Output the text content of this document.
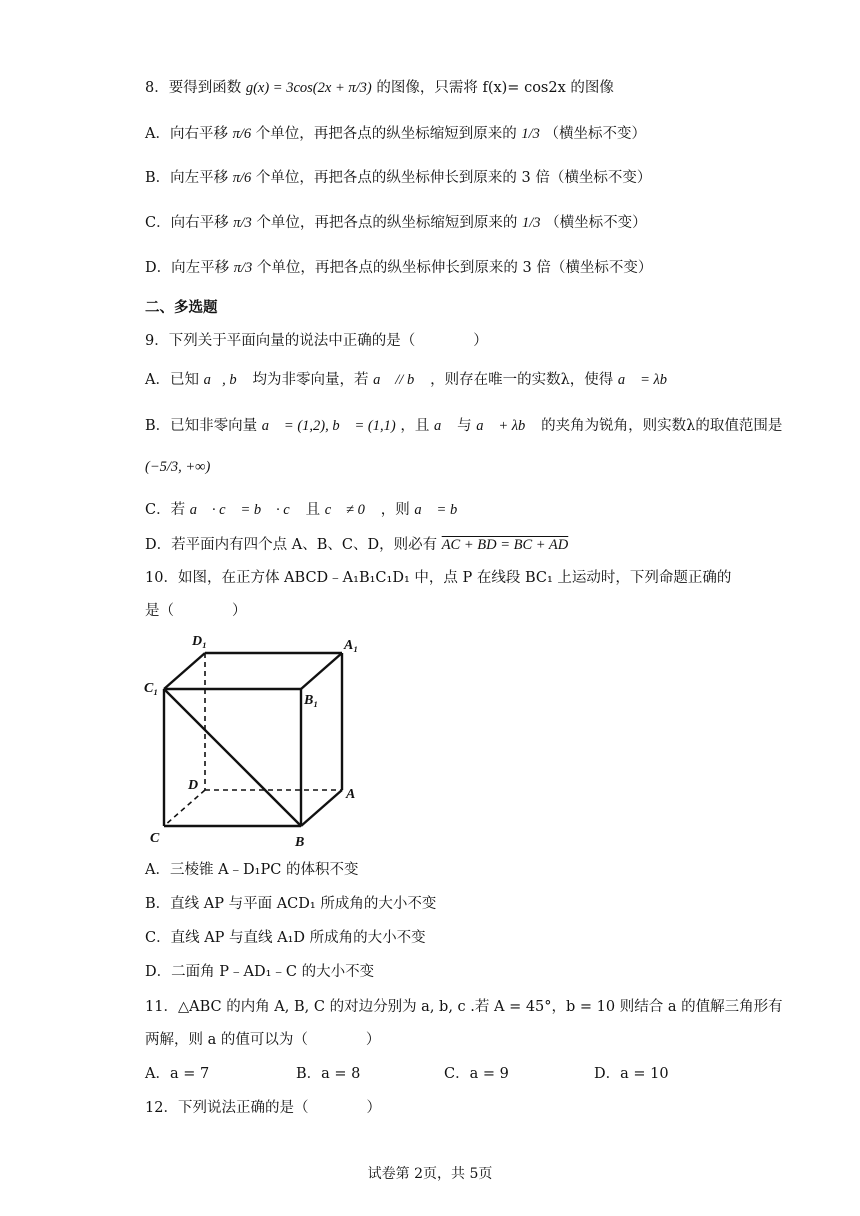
8．要得到函数 g(x) = 3cos(2x + π/3) 的图像，只需将 f(x)= cos2x 的图像
A．向右平移 π/6 个单位，再把各点的纵坐标缩短到原来的 1/3 （横坐标不变）
B．向左平移 π/6 个单位，再把各点的纵坐标伸长到原来的 3 倍（横坐标不变）
C．向右平移 π/3 个单位，再把各点的纵坐标缩短到原来的 1/3 （横坐标不变）
D．向左平移 π/3 个单位，再把各点的纵坐标伸长到原来的 3 倍（横坐标不变）
二、多选题
9．下列关于平面向量的说法中正确的是（　　　　）
A．已知 a⃗, b⃗ 均为非零向量，若 a⃗ // b⃗ ，则存在唯一的实数λ，使得 a⃗ = λb⃗
B．已知非零向量 a⃗ = (1,2), b⃗ = (1,1) ，且 a⃗ 与 a⃗ + λb⃗ 的夹角为锐角，则实数λ的取值范围是
(−5/3, +∞)
C．若 a⃗ · c⃗ = b⃗ · c⃗ 且 c⃗ ≠ 0⃗ ，则 a⃗ = b⃗
D．若平面内有四个点 A、B、C、D，则必有 AC + BD = BC + AD
10．如图，在正方体 ABCD﹣A₁B₁C₁D₁ 中，点 P 在线段 BC₁ 上运动时，下列命题正确的
是（　　　　）
D₁	A₁
C₁
B₁
D
A
C	B
A．三棱锥 A﹣D₁PC 的体积不变
B．直线 AP 与平面 ACD₁ 所成角的大小不变
C．直线 AP 与直线 A₁D 所成角的大小不变
D．二面角 P﹣AD₁﹣C 的大小不变
11．△ABC 的内角 A, B, C 的对边分别为 a, b, c .若 A = 45°，b = 10 则结合 a 的值解三角形有
两解，则 a 的值可以为（　　　　）
A．a = 7	B．a = 8	C．a = 9	D．a = 10
12．下列说法正确的是（　　　　）
试卷第 2页，共 5页
